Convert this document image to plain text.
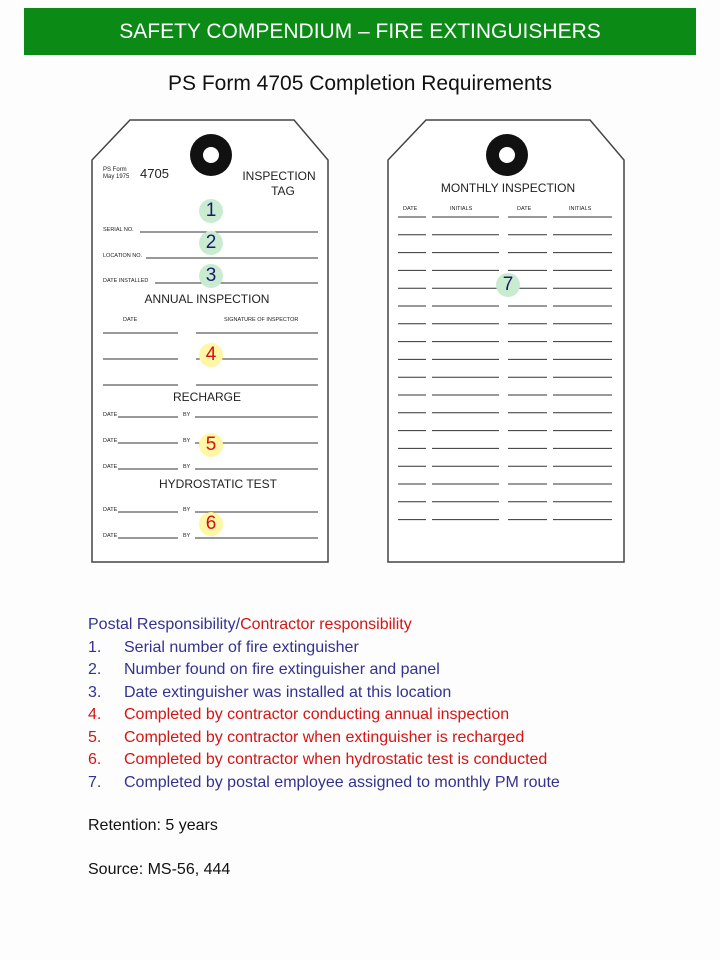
SAFETY COMPENDIUM – FIRE EXTINGUISHERS
PS Form 4705 Completion Requirements
PS Form
May 1975 4705	INSPECTION
TAG
SERIAL NO.
LOCATION NO.
DATE INSTALLED
ANNUAL INSPECTION
DATE	SIGNATURE OF INSPECTOR
RECHARGE
DATE	BY
DATE	BY
DATE	BY
HYDROSTATIC TEST
DATE	BY
DATE	BY
MONTHLY INSPECTION
DATE	INITIALS	DATE	INITIALS
1
2
3
4
5
6
7
Postal Responsibility/Contractor responsibility
1. Serial number of fire extinguisher
2. Number found on fire extinguisher and panel
3. Date extinguisher was installed at this location
4. Completed by contractor conducting annual inspection
5. Completed by contractor when extinguisher is recharged
6. Completed by contractor when hydrostatic test is conducted
7. Completed by postal employee assigned to monthly PM route
Retention: 5 years
Source: MS-56, 444
